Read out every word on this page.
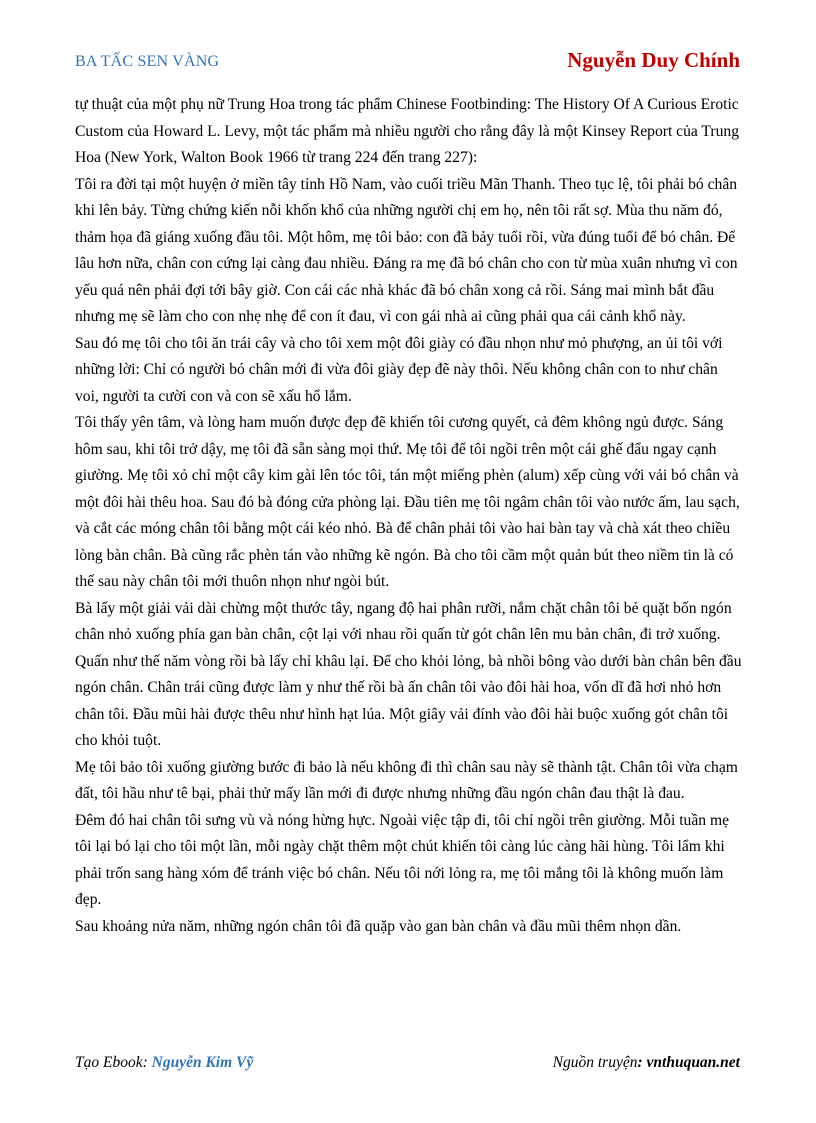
BA TẤC SEN VÀNG	Nguyễn Duy Chính

tự thuật của một phụ nữ Trung Hoa trong tác phẩm Chinese Footbinding: The History Of A Curious Erotic Custom của Howard L. Levy, một tác phẩm mà nhiều người cho rằng đây là một Kinsey Report của Trung Hoa (New York, Walton Book 1966 từ trang 224 đến trang 227):

Tôi ra đời tại một huyện ở miền tây tỉnh Hồ Nam, vào cuối triều Mãn Thanh. Theo tục lệ, tôi phải bó chân khi lên bảy. Từng chứng kiến nỗi khốn khổ của những người chị em họ, nên tôi rất sợ. Mùa thu năm đó, thảm họa đã giáng xuống đầu tôi. Một hôm, mẹ tôi bảo: con đã bảy tuổi rồi, vừa đúng tuổi để bó chân. Để lâu hơn nữa, chân con cứng lại càng đau nhiều. Đáng ra mẹ đã bó chân cho con từ mùa xuân nhưng vì con yếu quá nên phải đợi tới bây giờ. Con cái các nhà khác đã bó chân xong cả rồi. Sáng mai mình bắt đầu nhưng mẹ sẽ làm cho con nhẹ nhẹ để con ít đau, vì con gái nhà ai cũng phải qua cái cảnh khổ này.

Sau đó mẹ tôi cho tôi ăn trái cây và cho tôi xem một đôi giày có đầu nhọn như mỏ phượng, an ủi tôi với những lời: Chỉ có người bó chân mới đi vừa đôi giày đẹp đẽ này thôi. Nếu không chân con to như chân voi, người ta cười con và con sẽ xấu hổ lắm.

Tôi thấy yên tâm, và lòng ham muốn được đẹp đẽ khiến tôi cương quyết, cả đêm không ngủ được. Sáng hôm sau, khi tôi trở dậy, mẹ tôi đã sẵn sàng mọi thứ. Mẹ tôi để tôi ngồi trên một cái ghế đẩu ngay cạnh giường. Mẹ tôi xỏ chỉ một cây kim gài lên tóc tôi, tán một miếng phèn (alum) xếp cùng với vải bó chân và một đôi hài thêu hoa. Sau đó bà đóng cửa phòng lại. Đầu tiên mẹ tôi ngâm chân tôi vào nước ấm, lau sạch, và cắt các móng chân tôi bằng một cái kéo nhỏ. Bà để chân phải tôi vào hai bàn tay và chà xát theo chiều lòng bàn chân. Bà cũng rắc phèn tán vào những kẽ ngón. Bà cho tôi cầm một quản bút theo niềm tin là có thế sau này chân tôi mới thuôn nhọn như ngòi bút.

Bà lấy một giải vải dài chừng một thước tây, ngang độ hai phân rưỡi, nắm chặt chân tôi bẻ quặt bốn ngón chân nhỏ xuống phía gan bàn chân, cột lại với nhau rồi quấn từ gót chân lên mu bàn chân, đi trở xuống. Quấn như thế năm vòng rồi bà lấy chỉ khâu lại. Để cho khỏi lỏng, bà nhồi bông vào dưới bàn chân bên đầu ngón chân. Chân trái cũng được làm y như thế rồi bà ấn chân tôi vào đôi hài hoa, vốn dĩ đã hơi nhỏ hơn chân tôi. Đầu mũi hài được thêu như hình hạt lúa. Một giây vải đính vào đôi hài buộc xuống gót chân tôi cho khỏi tuột.

Mẹ tôi bảo tôi xuống giường bước đi bảo là nếu không đi thì chân sau này sẽ thành tật. Chân tôi vừa chạm đất, tôi hầu như tê bại, phải thử mấy lần mới đi được nhưng những đầu ngón chân đau thật là đau.

Đêm đó hai chân tôi sưng vù và nóng hừng hực. Ngoài việc tập đi, tôi chỉ ngồi trên giường. Mỗi tuần mẹ tôi lại bó lại cho tôi một lần, mỗi ngày chặt thêm một chút khiến tôi càng lúc càng hãi hùng. Tôi lẩm khi phải trốn sang hàng xóm để tránh việc bó chân. Nếu tôi nới lỏng ra, mẹ tôi mắng tôi là không muốn làm đẹp.

Sau khoảng nửa năm, những ngón chân tôi đã quặp vào gan bàn chân và đầu mũi thêm nhọn dần.

Tạo Ebook: Nguyễn Kim Vỹ	Nguồn truyện: vnthuquan.net
